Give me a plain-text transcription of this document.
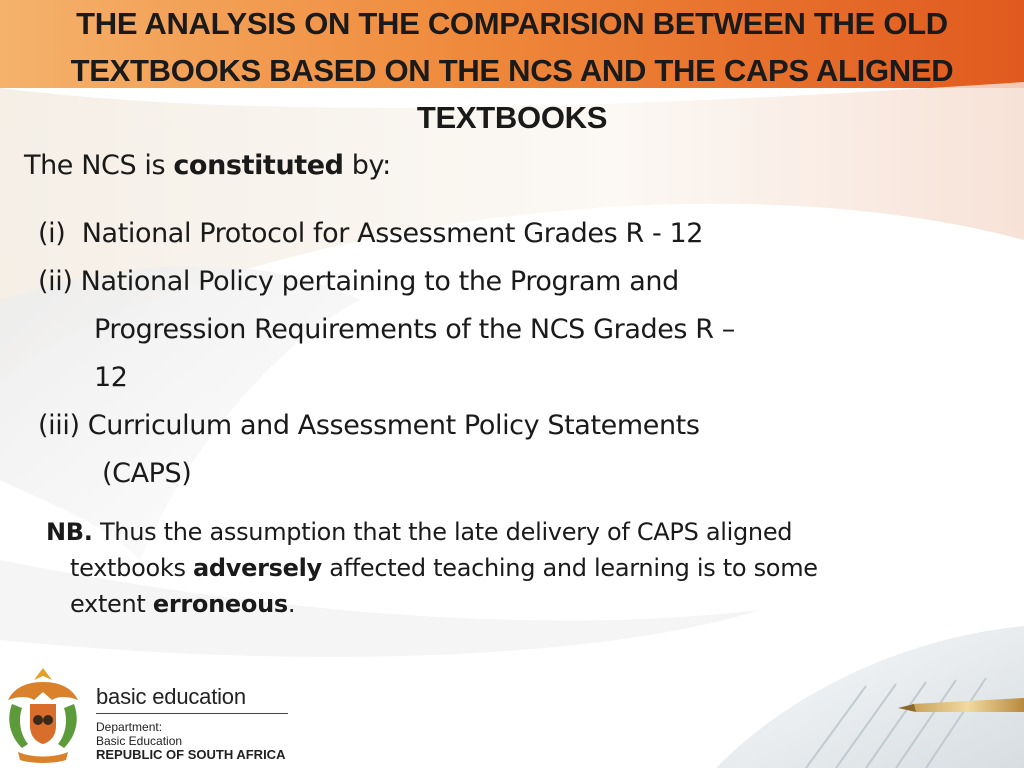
THE ANALYSIS ON THE COMPARISION BETWEEN THE OLD TEXTBOOKS BASED ON THE NCS AND THE CAPS ALIGNED TEXTBOOKS
The NCS is constituted by:
(i) National Protocol for Assessment Grades R - 12
(ii) National Policy pertaining to the Program and
Progression Requirements of the NCS Grades R –
12
(iii) Curriculum and Assessment Policy Statements
(CAPS)
NB. Thus the assumption that the late delivery of CAPS aligned
textbooks adversely affected teaching and learning is to some
extent erroneous.
basic education
Department:
Basic Education
REPUBLIC OF SOUTH AFRICA
